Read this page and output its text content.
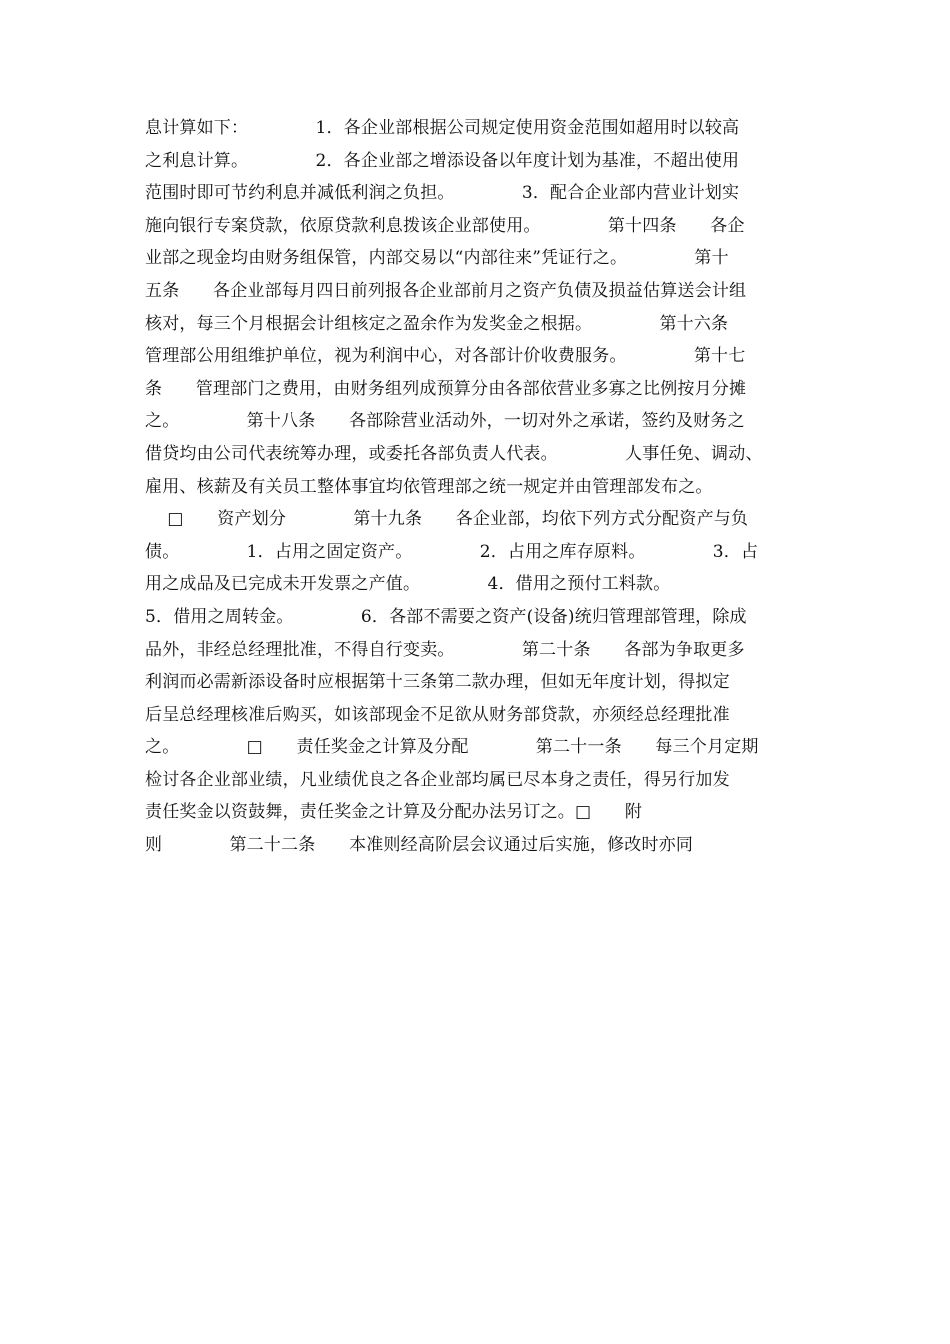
息计算如下：            1．各企业部根据公司规定使用资金范围如超用时以较高
之利息计算。            2．各企业部之增添设备以年度计划为基准，不超出使用
范围时即可节约利息并减低利润之负担。            3．配合企业部内营业计划实
施向银行专案贷款，依原贷款利息拨该企业部使用。            第十四条      各企
业部之现金均由财务组保管，内部交易以“内部往来”凭证行之。            第十
五条      各企业部每月四日前列报各企业部前月之资产负债及损益估算送会计组
核对，每三个月根据会计组核定之盈余作为发奖金之根据。            第十六条
管理部公用组维护单位，视为利润中心，对各部计价收费服务。            第十七
条      管理部门之费用，由财务组列成预算分由各部依营业多寡之比例按月分摊
之。            第十八条      各部除营业活动外，一切对外之承诺，签约及财务之
借贷均由公司代表统筹办理，或委托各部负责人代表。            人事任免、调动、
雇用、核薪及有关员工整体事宜均依管理部之统一规定并由管理部发布之。
□      资产划分            第十九条      各企业部，均依下列方式分配资产与负
债。            1．占用之固定资产。            2．占用之库存原料。            3．占
用之成品及已完成未开发票之产值。            4．借用之预付工料款。
5．借用之周转金。            6．各部不需要之资产(设备)统归管理部管理，除成
品外，非经总经理批准，不得自行变卖。            第二十条      各部为争取更多
利润而必需新添设备时应根据第十三条第二款办理，但如无年度计划，得拟定
后呈总经理核准后购买，如该部现金不足欲从财务部贷款，亦须经总经理批准
之。            □      责任奖金之计算及分配            第二十一条      每三个月定期
检讨各企业部业绩，凡业绩优良之各企业部均属已尽本身之责任，得另行加发
责任奖金以资鼓舞，责任奖金之计算及分配办法另订之。□      附
则            第二十二条      本准则经高阶层会议通过后实施，修改时亦同
